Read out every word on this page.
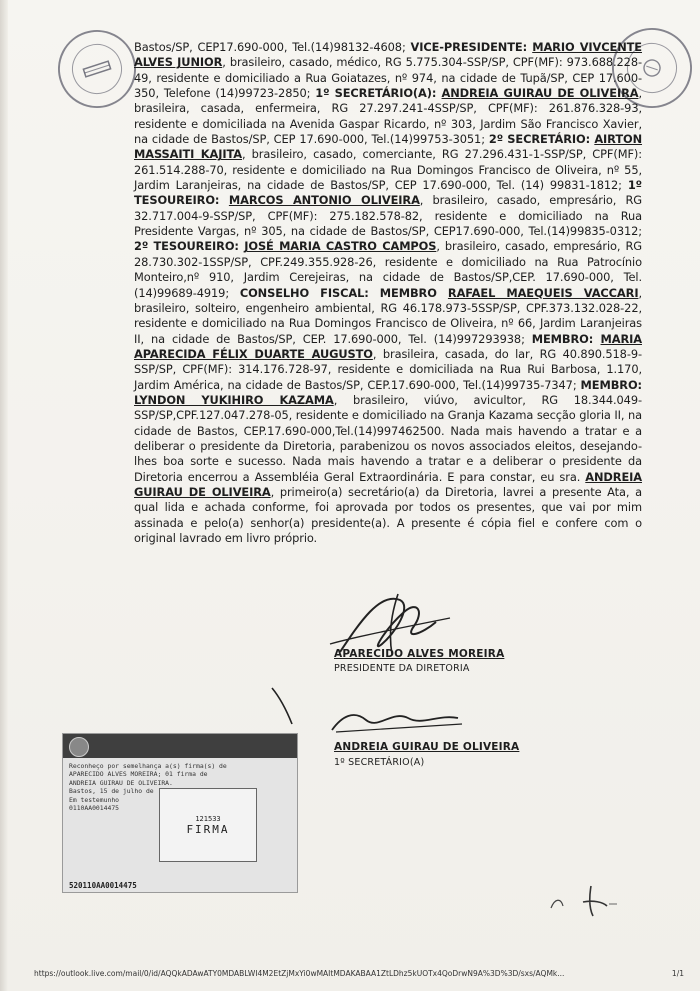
Bastos/SP, CEP17.690-000, Tel.(14)98132-4608; VICE-PRESIDENTE: MARIO VIVCENTE ALVES JUNIOR, brasileiro, casado, médico, RG 5.775.304-SSP/SP, CPF(MF): 973.688.228-49, residente e domiciliado a Rua Goiatazes, nº 974, na cidade de Tupã/SP, CEP 17.600-350, Telefone (14)99723-2850; 1º SECRETÁRIO(A): ANDREIA GUIRAU DE OLIVEIRA, brasileira, casada, enfermeira, RG 27.297.241-4SSP/SP, CPF(MF): 261.876.328-93, residente e domiciliada na Avenida Gaspar Ricardo, nº 303, Jardim São Francisco Xavier, na cidade de Bastos/SP, CEP 17.690-000, Tel.(14)99753-3051; 2º SECRETÁRIO: AIRTON MASSAITI KAJITA, brasileiro, casado, comerciante, RG 27.296.431-1-SSP/SP, CPF(MF): 261.514.288-70, residente e domiciliado na Rua Domingos Francisco de Oliveira, nº 55, Jardim Laranjeiras, na cidade de Bastos/SP, CEP 17.690-000, Tel. (14) 99831-1812; 1º TESOUREIRO: MARCOS ANTONIO OLIVEIRA, brasileiro, casado, empresário, RG 32.717.004-9-SSP/SP, CPF(MF): 275.182.578-82, residente e domiciliado na Rua Presidente Vargas, nº 305, na cidade de Bastos/SP, CEP17.690-000, Tel.(14)99835-0312; 2º TESOUREIRO: JOSÉ MARIA CASTRO CAMPOS, brasileiro, casado, empresário, RG 28.730.302-1SSP/SP, CPF.249.355.928-26, residente e domiciliado na Rua Patrocínio Monteiro,nº 910, Jardim Cerejeiras, na cidade de Bastos/SP,CEP. 17.690-000, Tel.(14)99689-4919; CONSELHO FISCAL: MEMBRO RAFAEL MAEQUEIS VACCARI, brasileiro, solteiro, engenheiro ambiental, RG 46.178.973-5SSP/SP, CPF.373.132.028-22, residente e domiciliado na Rua Domingos Francisco de Oliveira, nº 66, Jardim Laranjeiras II, na cidade de Bastos/SP, CEP. 17.690-000, Tel. (14)997293938; MEMBRO: MARIA APARECIDA FÉLIX DUARTE AUGUSTO, brasileira, casada, do lar, RG 40.890.518-9-SSP/SP, CPF(MF): 314.176.728-97, residente e domiciliada na Rua Rui Barbosa, 1.170, Jardim América, na cidade de Bastos/SP, CEP.17.690-000, Tel.(14)99735-7347; MEMBRO: LYNDON YUKIHIRO KAZAMA, brasileiro, viúvo, avicultor, RG 18.344.049-SSP/SP,CPF.127.047.278-05, residente e domiciliado na Granja Kazama secção gloria II, na cidade de Bastos, CEP.17.690-000,Tel.(14)997462500. Nada mais havendo a tratar e a deliberar o presidente da Diretoria, parabenizou os novos associados eleitos, desejando-lhes boa sorte e sucesso. Nada mais havendo a tratar e a deliberar o presidente da Diretoria encerrou a Assembléia Geral Extraordinária. E para constar, eu sra. ANDREIA GUIRAU DE OLIVEIRA, primeiro(a) secretário(a) da Diretoria, lavrei a presente Ata, a qual lida e achada conforme, foi aprovada por todos os presentes, que vai por mim assinada e pelo(a) senhor(a) presidente(a). A presente é cópia fiel e confere com o original lavrado em livro próprio.
APARECIDO ALVES MOREIRA
PRESIDENTE DA DIRETORIA
ANDREIA GUIRAU DE OLIVEIRA
1º SECRETÁRIO(A)
Reconheço por semelhança a(s) firma(s) de
APARECIDO ALVES MOREIRA; 01 firma de
ANDREIA GUIRAU DE OLIVEIRA.
Bastos, 15 de julho de
Em testemunho
0110AA0014475
121533
FIRMA
520110AA0014475
https://outlook.live.com/mail/0/id/AQQkADAwATY0MDABLWI4M2EtZjMxYi0wMAItMDAKABAA1ZtLDhz5kUOTx4QoDrwN9A%3D%3D/sxs/AQMk...	1/1
